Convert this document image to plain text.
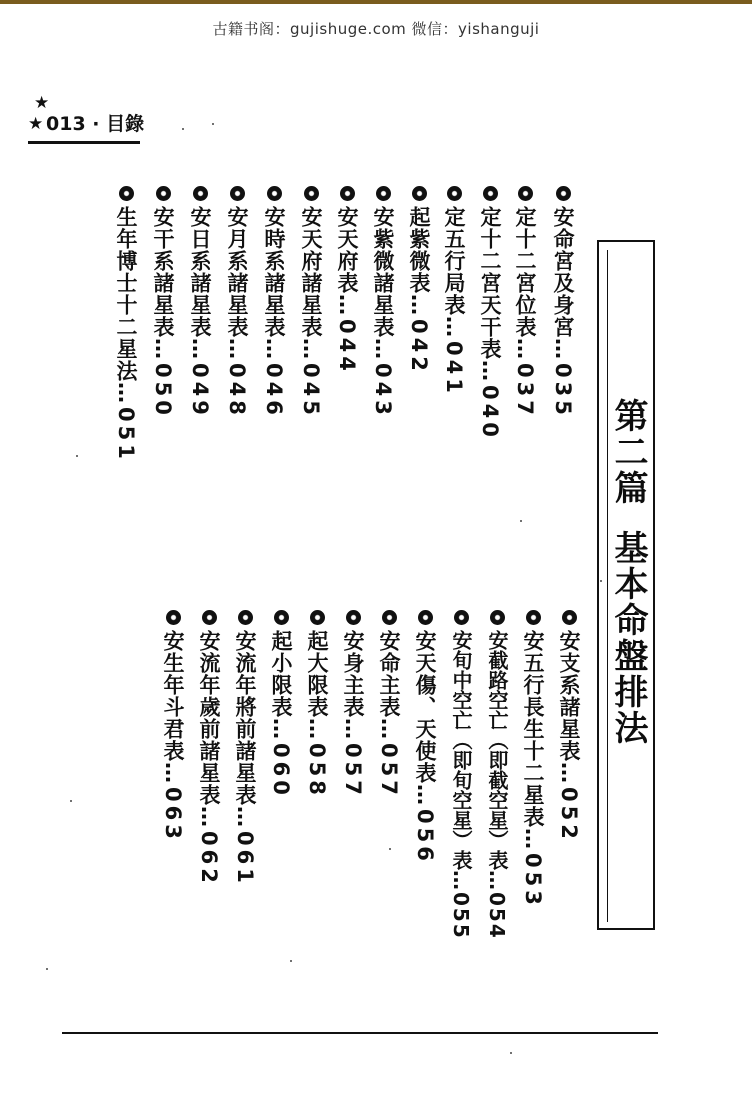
古籍书阁：gujishuge.com 微信：yishanguji
★
★ 013 · 目錄
第二篇基本命盤排法
安命宮及身宮…035
定十二宮位表…037
定十二宮天干表…040
定五行局表…041
起紫微表…042
安紫微諸星表…043
安天府表…044
安天府諸星表…045
安時系諸星表…046
安月系諸星表…048
安日系諸星表…049
安干系諸星表…050
生年博士十二星法…051
安支系諸星表…052
安五行長生十二星表…053
安截路空亡（即截空星）表…054
安旬中空亡（即旬空星）表…055
安天傷、天使表…056
安命主表…057
安身主表…057
起大限表…058
起小限表…060
安流年將前諸星表…061
安流年歲前諸星表…062
安生年斗君表…063
